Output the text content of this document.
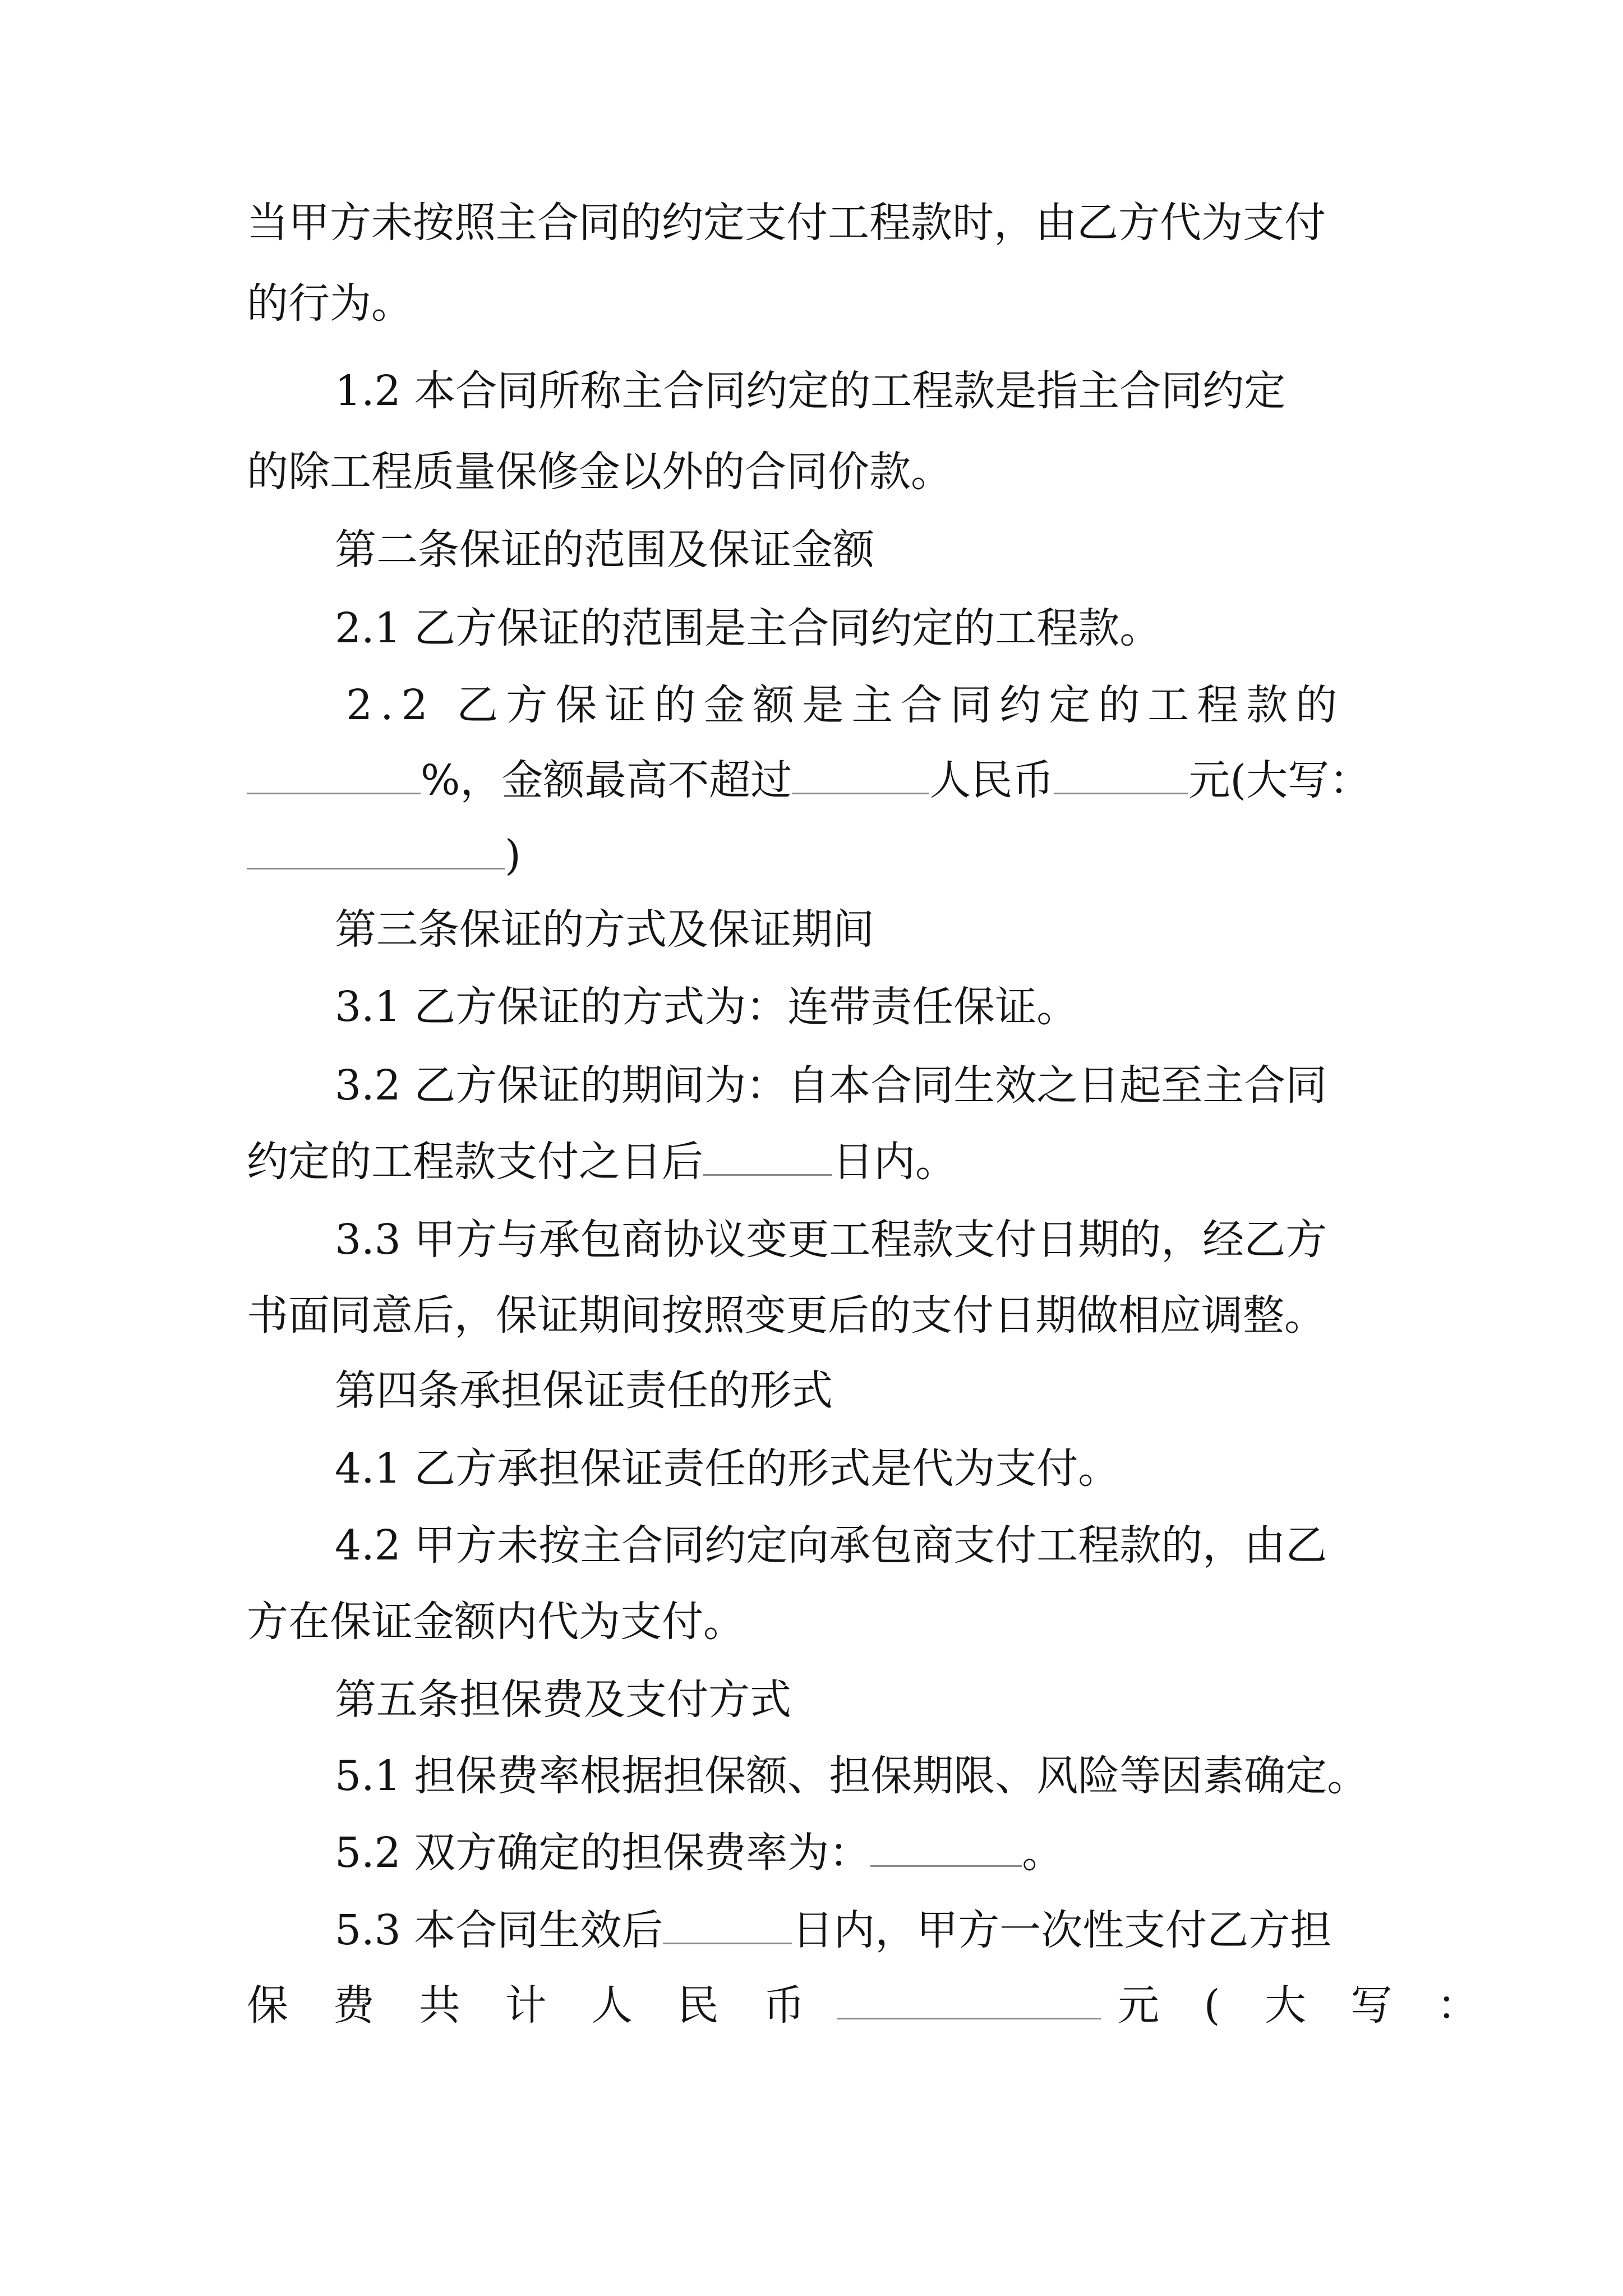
当甲方未按照主合同的约定支付工程款时，由乙方代为支付
的行为。
1.2 本合同所称主合同约定的工程款是指主合同约定
的除工程质量保修金以外的合同价款。
第二条保证的范围及保证金额
2.1 乙方保证的范围是主合同约定的工程款。
2.2 乙方保证的金额是主合同约定的工程款的
%，金额最高不超过	人民币	元(大写：
)
第三条保证的方式及保证期间
3.1 乙方保证的方式为：连带责任保证。
3.2 乙方保证的期间为：自本合同生效之日起至主合同
约定的工程款支付之日后	日内。
3.3 甲方与承包商协议变更工程款支付日期的，经乙方
书面同意后，保证期间按照变更后的支付日期做相应调整。
第四条承担保证责任的形式
4.1 乙方承担保证责任的形式是代为支付。
4.2 甲方未按主合同约定向承包商支付工程款的，由乙
方在保证金额内代为支付。
第五条担保费及支付方式
5.1 担保费率根据担保额、担保期限、风险等因素确定。
5.2 双方确定的担保费率为：	。
5.3 本合同生效后	日内，甲方一次性支付乙方担
保 费 共 计 人 民 币	元 ( 大 写 ：
